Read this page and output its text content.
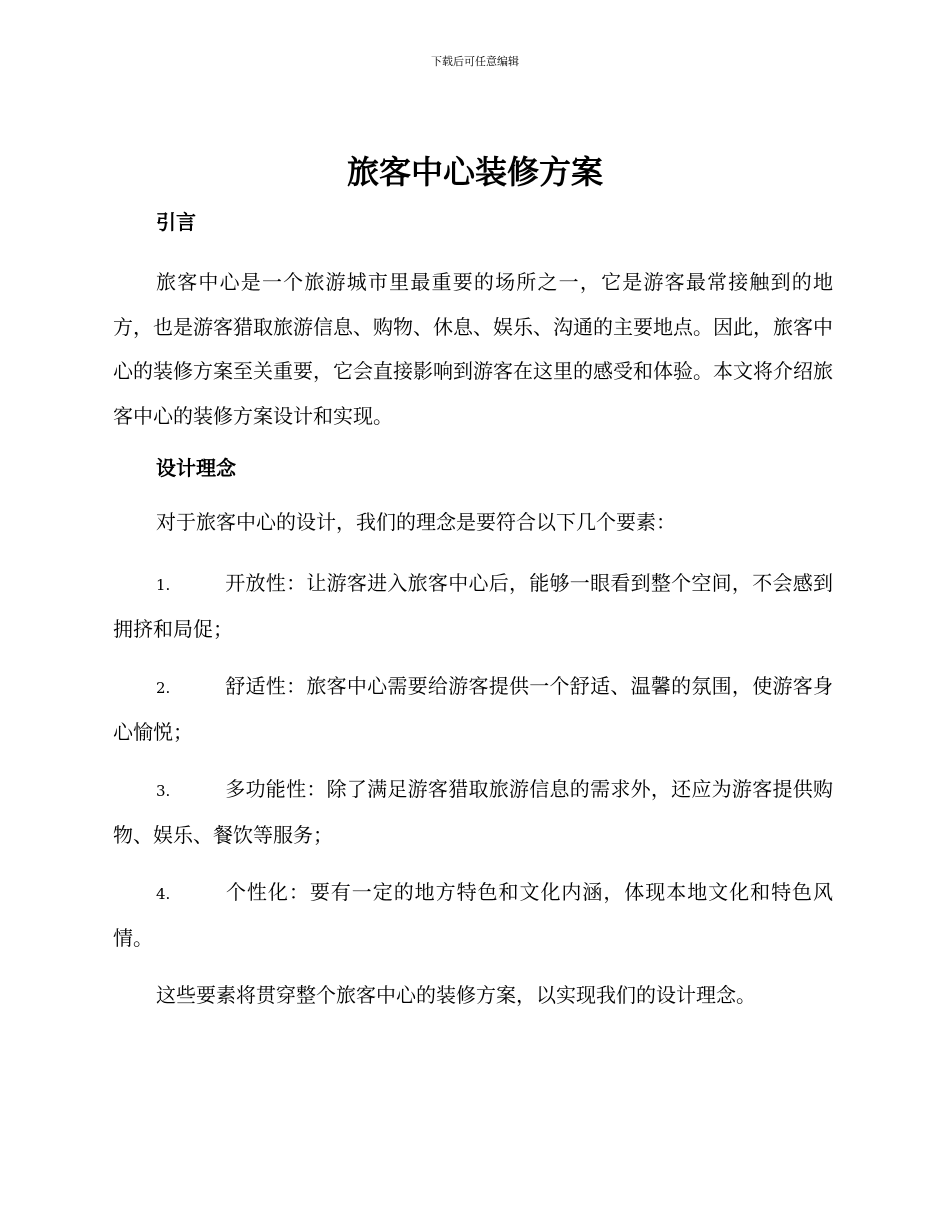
下载后可任意编辑
旅客中心装修方案
引言

旅客中心是一个旅游城市里最重要的场所之一，它是游客最常接触到的地方，也是游客猎取旅游信息、购物、休息、娱乐、沟通的主要地点。因此，旅客中心的装修方案至关重要，它会直接影响到游客在这里的感受和体验。本文将介绍旅客中心的装修方案设计和实现。

设计理念

对于旅客中心的设计，我们的理念是要符合以下几个要素：

1.	开放性：让游客进入旅客中心后，能够一眼看到整个空间，不会感到拥挤和局促；
2.	舒适性：旅客中心需要给游客提供一个舒适、温馨的氛围，使游客身心愉悦；
3.	多功能性：除了满足游客猎取旅游信息的需求外，还应为游客提供购物、娱乐、餐饮等服务；
4.	个性化：要有一定的地方特色和文化内涵，体现本地文化和特色风情。

这些要素将贯穿整个旅客中心的装修方案，以实现我们的设计理念。
